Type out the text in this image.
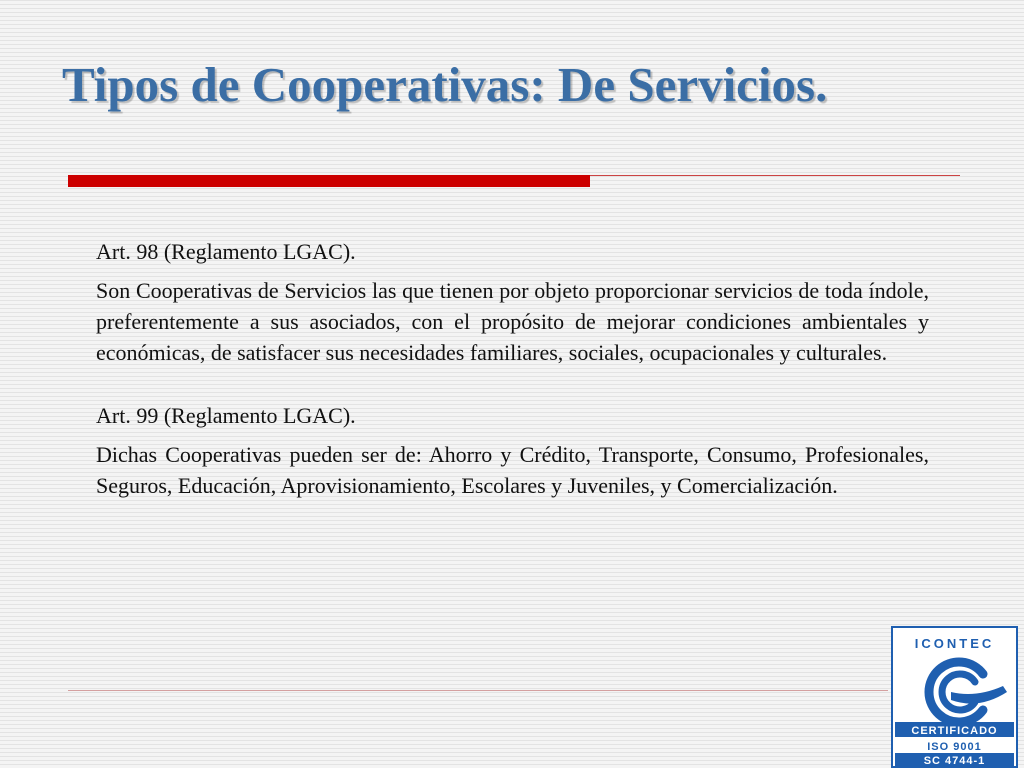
Tipos de Cooperativas: De Servicios.

Art. 98 (Reglamento LGAC).

Son Cooperativas de Servicios las que tienen por objeto proporcionar servicios de toda índole, preferentemente a sus asociados, con el propósito de mejorar condiciones ambientales y económicas, de satisfacer sus necesidades familiares, sociales, ocupacionales y culturales.

Art. 99 (Reglamento LGAC).

Dichas Cooperativas pueden ser de: Ahorro y Crédito, Transporte, Consumo, Profesionales, Seguros, Educación, Aprovisionamiento, Escolares y Juveniles, y Comercialización.

ICONTEC
CERTIFICADO
ISO 9001
SC 4744-1
